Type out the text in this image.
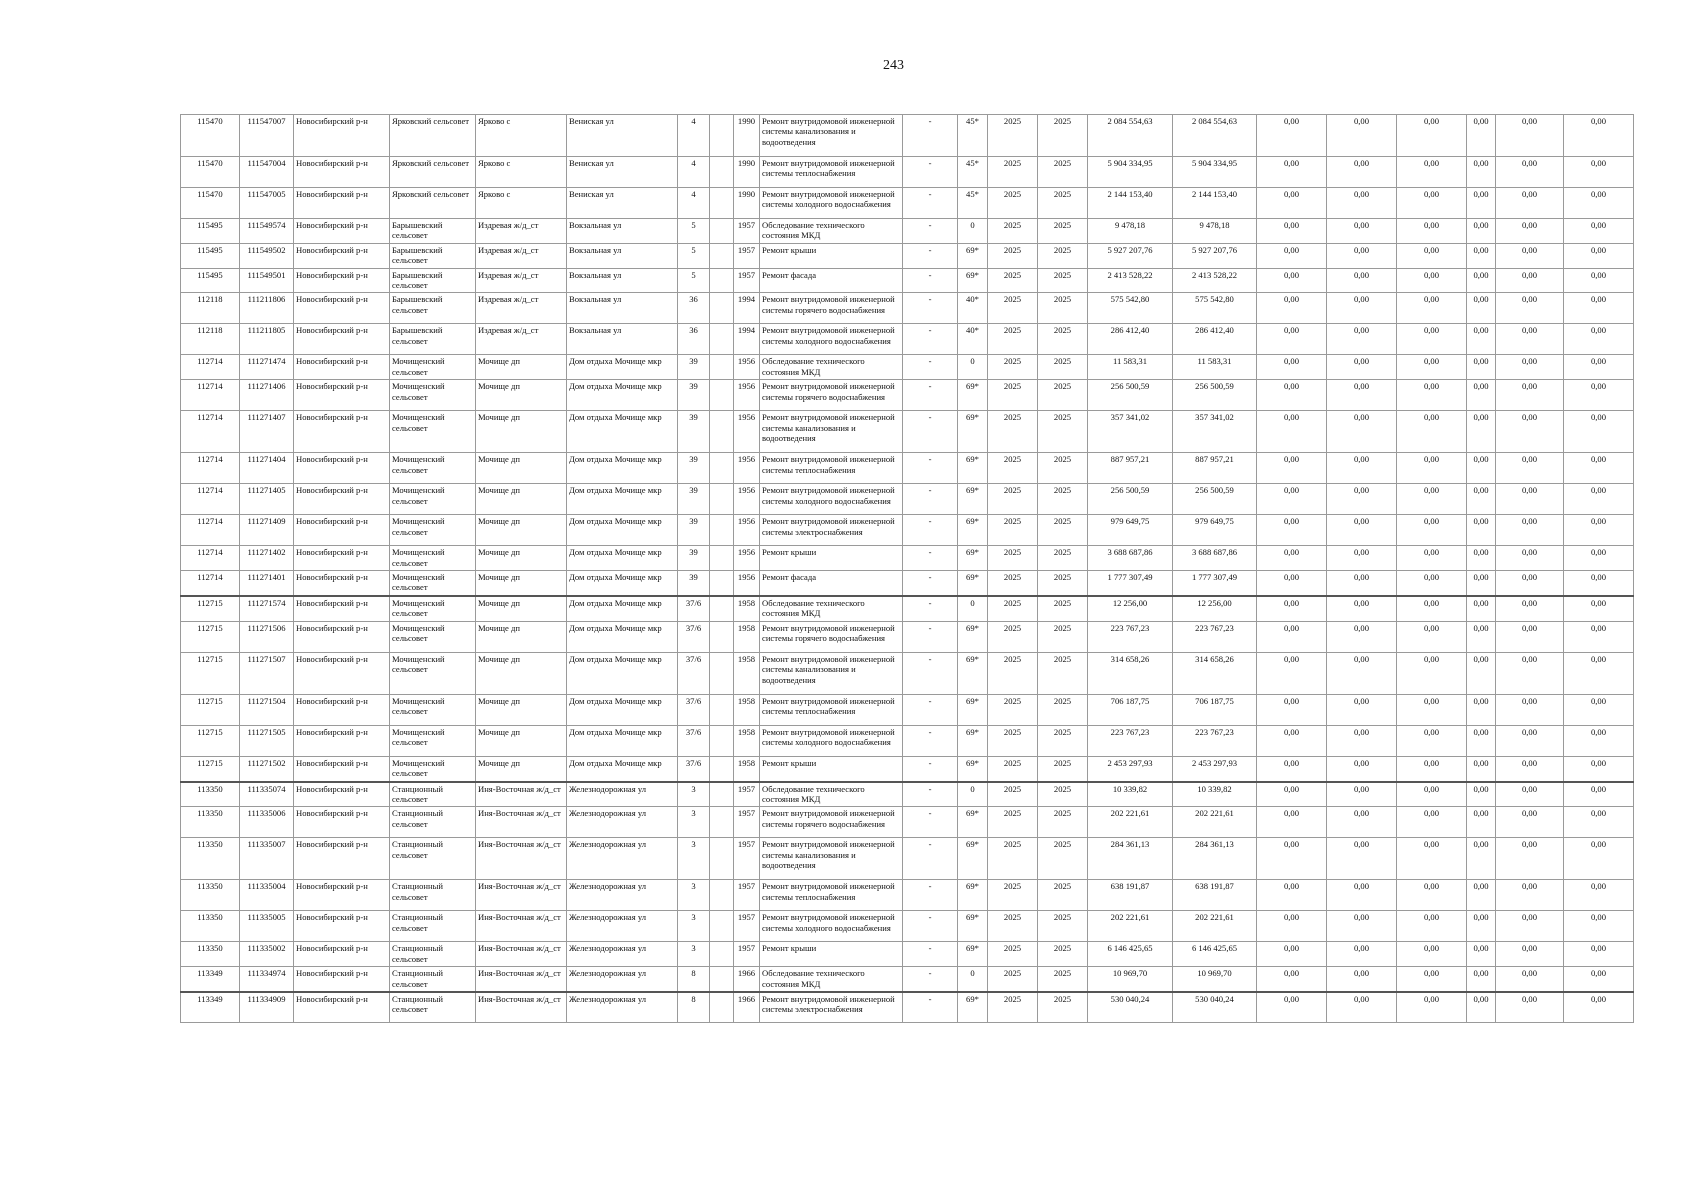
243
115470	111547007	Новосибирский р-н	Ярковский сельсовет	Ярково с	Вениская ул	4		1990	Ремонт внутридомовой инженерной системы канализования и водоотведения	-	45*	2025	2025	2 084 554,63	2 084 554,63	0,00	0,00	0,00	0,00	0,00	0,00
115470	111547004	Новосибирский р-н	Ярковский сельсовет	Ярково с	Вениская ул	4		1990	Ремонт внутридомовой инженерной системы теплоснабжения	-	45*	2025	2025	5 904 334,95	5 904 334,95	0,00	0,00	0,00	0,00	0,00	0,00
115470	111547005	Новосибирский р-н	Ярковский сельсовет	Ярково с	Вениская ул	4		1990	Ремонт внутридомовой инженерной системы холодного водоснабжения	-	45*	2025	2025	2 144 153,40	2 144 153,40	0,00	0,00	0,00	0,00	0,00	0,00
115495	111549574	Новосибирский р-н	Барышевский сельсовет	Издревая ж/д_ст	Вокзальная ул	5		1957	Обследование технического состояния МКД	-	0	2025	2025	9 478,18	9 478,18	0,00	0,00	0,00	0,00	0,00	0,00
115495	111549502	Новосибирский р-н	Барышевский сельсовет	Издревая ж/д_ст	Вокзальная ул	5		1957	Ремонт крыши	-	69*	2025	2025	5 927 207,76	5 927 207,76	0,00	0,00	0,00	0,00	0,00	0,00
115495	111549501	Новосибирский р-н	Барышевский сельсовет	Издревая ж/д_ст	Вокзальная ул	5		1957	Ремонт фасада	-	69*	2025	2025	2 413 528,22	2 413 528,22	0,00	0,00	0,00	0,00	0,00	0,00
112118	111211806	Новосибирский р-н	Барышевский сельсовет	Издревая ж/д_ст	Вокзальная ул	36		1994	Ремонт внутридомовой инженерной системы горячего водоснабжения	-	40*	2025	2025	575 542,80	575 542,80	0,00	0,00	0,00	0,00	0,00	0,00
112118	111211805	Новосибирский р-н	Барышевский сельсовет	Издревая ж/д_ст	Вокзальная ул	36		1994	Ремонт внутридомовой инженерной системы холодного водоснабжения	-	40*	2025	2025	286 412,40	286 412,40	0,00	0,00	0,00	0,00	0,00	0,00
112714	111271474	Новосибирский р-н	Мочищенский сельсовет	Мочище дп	Дом отдыха Мочище мкр	39		1956	Обследование технического состояния МКД	-	0	2025	2025	11 583,31	11 583,31	0,00	0,00	0,00	0,00	0,00	0,00
112714	111271406	Новосибирский р-н	Мочищенский сельсовет	Мочище дп	Дом отдыха Мочище мкр	39		1956	Ремонт внутридомовой инженерной системы горячего водоснабжения	-	69*	2025	2025	256 500,59	256 500,59	0,00	0,00	0,00	0,00	0,00	0,00
112714	111271407	Новосибирский р-н	Мочищенский сельсовет	Мочище дп	Дом отдыха Мочище мкр	39		1956	Ремонт внутридомовой инженерной системы канализования и водоотведения	-	69*	2025	2025	357 341,02	357 341,02	0,00	0,00	0,00	0,00	0,00	0,00
112714	111271404	Новосибирский р-н	Мочищенский сельсовет	Мочище дп	Дом отдыха Мочище мкр	39		1956	Ремонт внутридомовой инженерной системы теплоснабжения	-	69*	2025	2025	887 957,21	887 957,21	0,00	0,00	0,00	0,00	0,00	0,00
112714	111271405	Новосибирский р-н	Мочищенский сельсовет	Мочище дп	Дом отдыха Мочище мкр	39		1956	Ремонт внутридомовой инженерной системы холодного водоснабжения	-	69*	2025	2025	256 500,59	256 500,59	0,00	0,00	0,00	0,00	0,00	0,00
112714	111271409	Новосибирский р-н	Мочищенский сельсовет	Мочище дп	Дом отдыха Мочище мкр	39		1956	Ремонт внутридомовой инженерной системы электроснабжения	-	69*	2025	2025	979 649,75	979 649,75	0,00	0,00	0,00	0,00	0,00	0,00
112714	111271402	Новосибирский р-н	Мочищенский сельсовет	Мочище дп	Дом отдыха Мочище мкр	39		1956	Ремонт крыши	-	69*	2025	2025	3 688 687,86	3 688 687,86	0,00	0,00	0,00	0,00	0,00	0,00
112714	111271401	Новосибирский р-н	Мочищенский сельсовет	Мочище дп	Дом отдыха Мочище мкр	39		1956	Ремонт фасада	-	69*	2025	2025	1 777 307,49	1 777 307,49	0,00	0,00	0,00	0,00	0,00	0,00
112715	111271574	Новосибирский р-н	Мочищенский сельсовет	Мочище дп	Дом отдыха Мочище мкр	37/6		1958	Обследование технического состояния МКД	-	0	2025	2025	12 256,00	12 256,00	0,00	0,00	0,00	0,00	0,00	0,00
112715	111271506	Новосибирский р-н	Мочищенский сельсовет	Мочище дп	Дом отдыха Мочище мкр	37/6		1958	Ремонт внутридомовой инженерной системы горячего водоснабжения	-	69*	2025	2025	223 767,23	223 767,23	0,00	0,00	0,00	0,00	0,00	0,00
112715	111271507	Новосибирский р-н	Мочищенский сельсовет	Мочище дп	Дом отдыха Мочище мкр	37/6		1958	Ремонт внутридомовой инженерной системы канализования и водоотведения	-	69*	2025	2025	314 658,26	314 658,26	0,00	0,00	0,00	0,00	0,00	0,00
112715	111271504	Новосибирский р-н	Мочищенский сельсовет	Мочище дп	Дом отдыха Мочище мкр	37/6		1958	Ремонт внутридомовой инженерной системы теплоснабжения	-	69*	2025	2025	706 187,75	706 187,75	0,00	0,00	0,00	0,00	0,00	0,00
112715	111271505	Новосибирский р-н	Мочищенский сельсовет	Мочище дп	Дом отдыха Мочище мкр	37/6		1958	Ремонт внутридомовой инженерной системы холодного водоснабжения	-	69*	2025	2025	223 767,23	223 767,23	0,00	0,00	0,00	0,00	0,00	0,00
112715	111271502	Новосибирский р-н	Мочищенский сельсовет	Мочище дп	Дом отдыха Мочище мкр	37/6		1958	Ремонт крыши	-	69*	2025	2025	2 453 297,93	2 453 297,93	0,00	0,00	0,00	0,00	0,00	0,00
113350	111335074	Новосибирский р-н	Станционный сельсовет	Иня-Восточная ж/д_ст	Железнодорожная ул	3		1957	Обследование технического состояния МКД	-	0	2025	2025	10 339,82	10 339,82	0,00	0,00	0,00	0,00	0,00	0,00
113350	111335006	Новосибирский р-н	Станционный сельсовет	Иня-Восточная ж/д_ст	Железнодорожная ул	3		1957	Ремонт внутридомовой инженерной системы горячего водоснабжения	-	69*	2025	2025	202 221,61	202 221,61	0,00	0,00	0,00	0,00	0,00	0,00
113350	111335007	Новосибирский р-н	Станционный сельсовет	Иня-Восточная ж/д_ст	Железнодорожная ул	3		1957	Ремонт внутридомовой инженерной системы канализования и водоотведения	-	69*	2025	2025	284 361,13	284 361,13	0,00	0,00	0,00	0,00	0,00	0,00
113350	111335004	Новосибирский р-н	Станционный сельсовет	Иня-Восточная ж/д_ст	Железнодорожная ул	3		1957	Ремонт внутридомовой инженерной системы теплоснабжения	-	69*	2025	2025	638 191,87	638 191,87	0,00	0,00	0,00	0,00	0,00	0,00
113350	111335005	Новосибирский р-н	Станционный сельсовет	Иня-Восточная ж/д_ст	Железнодорожная ул	3		1957	Ремонт внутридомовой инженерной системы холодного водоснабжения	-	69*	2025	2025	202 221,61	202 221,61	0,00	0,00	0,00	0,00	0,00	0,00
113350	111335002	Новосибирский р-н	Станционный сельсовет	Иня-Восточная ж/д_ст	Железнодорожная ул	3		1957	Ремонт крыши	-	69*	2025	2025	6 146 425,65	6 146 425,65	0,00	0,00	0,00	0,00	0,00	0,00
113349	111334974	Новосибирский р-н	Станционный сельсовет	Иня-Восточная ж/д_ст	Железнодорожная ул	8		1966	Обследование технического состояния МКД	-	0	2025	2025	10 969,70	10 969,70	0,00	0,00	0,00	0,00	0,00	0,00
113349	111334909	Новосибирский р-н	Станционный сельсовет	Иня-Восточная ж/д_ст	Железнодорожная ул	8		1966	Ремонт внутридомовой инженерной системы электроснабжения	-	69*	2025	2025	530 040,24	530 040,24	0,00	0,00	0,00	0,00	0,00	0,00
